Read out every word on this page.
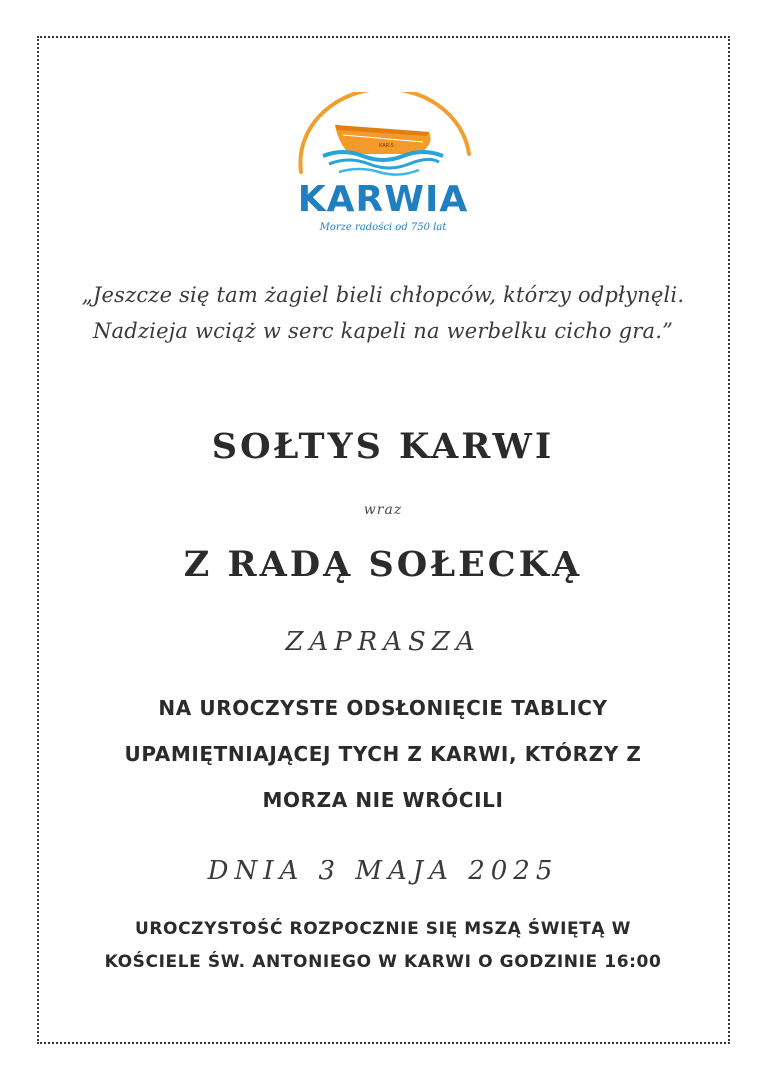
KAR-5
KARWIA
Morze radości od 750 lat
„Jeszcze się tam żagiel bieli chłopców, którzy odpłynęli.
Nadzieja wciąż w serc kapeli na werbelku cicho gra.”
SOŁTYS KARWI
wraz
Z RADĄ SOŁECKĄ
ZAPRASZA
NA UROCZYSTE ODSŁONIĘCIE TABLICY
UPAMIĘTNIAJĄCEJ TYCH Z KARWI, KTÓRZY Z
MORZA NIE WRÓCILI
DNIA 3 MAJA 2025
UROCZYSTOŚĆ ROZPOCZNIE SIĘ MSZĄ ŚWIĘTĄ W
KOŚCIELE ŚW. ANTONIEGO W KARWI O GODZINIE 16:00
